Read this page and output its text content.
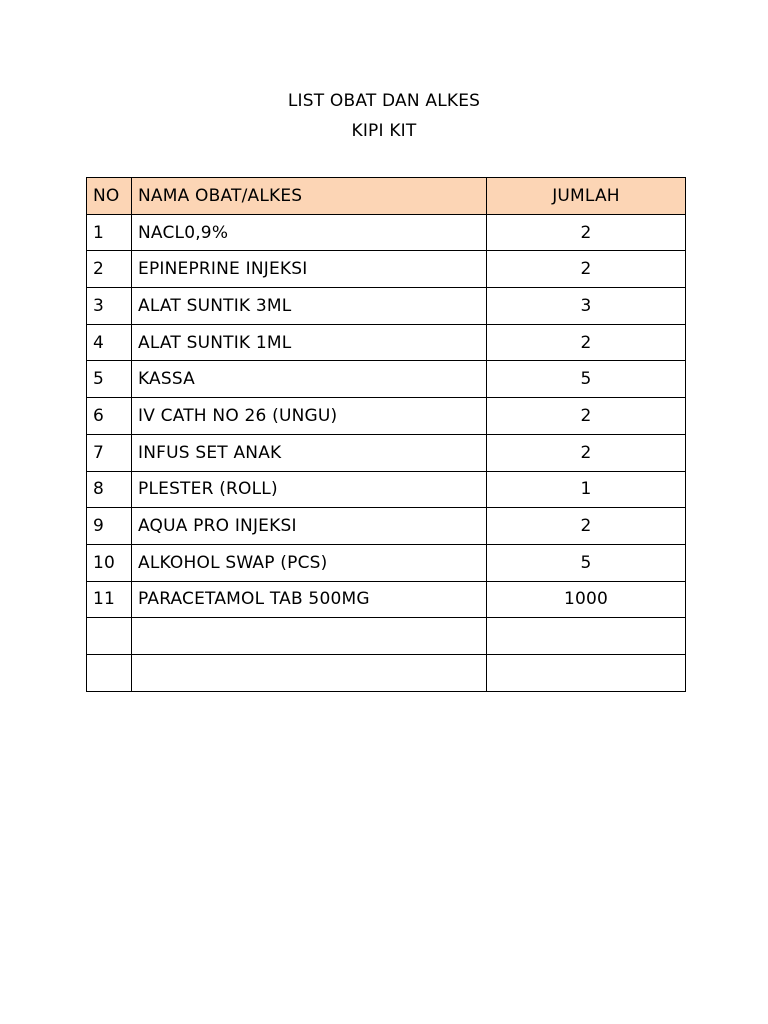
LIST OBAT DAN ALKES
KIPI KIT
NO	NAMA OBAT/ALKES	JUMLAH
1	NACL0,9%	2
2	EPINEPRINE INJEKSI	2
3	ALAT SUNTIK 3ML	3
4	ALAT SUNTIK 1ML	2
5	KASSA	5
6	IV CATH NO 26 (UNGU)	2
7	INFUS SET ANAK	2
8	PLESTER (ROLL)	1
9	AQUA PRO INJEKSI	2
10	ALKOHOL SWAP (PCS)	5
11	PARACETAMOL TAB 500MG	1000
